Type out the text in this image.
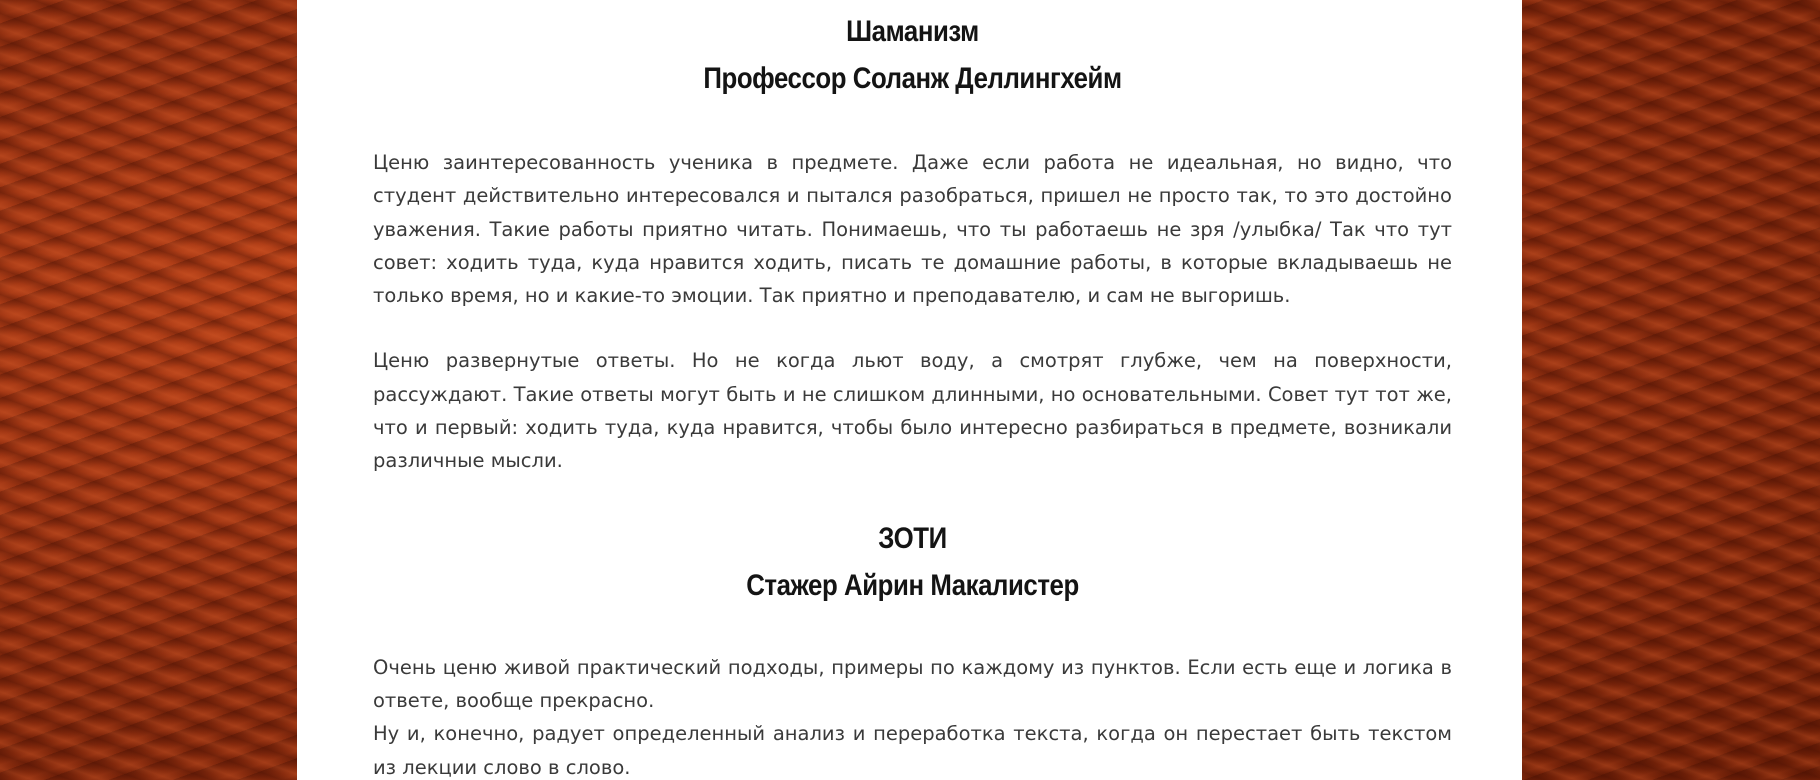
Шаманизм
Профессор Соланж Деллингхейм

Ценю заинтересованность ученика в предмете. Даже если работа не идеальная, но видно, что студент действительно интересовался и пытался разобраться, пришел не просто так, то это достойно уважения. Такие работы приятно читать. Понимаешь, что ты работаешь не зря /улыбка/ Так что тут совет: ходить туда, куда нравится ходить, писать те домашние работы, в которые вкладываешь не только время, но и какие-то эмоции. Так приятно и преподавателю, и сам не выгоришь.

Ценю развернутые ответы. Но не когда льют воду, а смотрят глубже, чем на поверхности, рассуждают. Такие ответы могут быть и не слишком длинными, но основательными. Совет тут тот же, что и первый: ходить туда, куда нравится, чтобы было интересно разбираться в предмете, возникали различные мысли.

ЗОТИ
Стажер Айрин Макалистер

Очень ценю живой практический подходы, примеры по каждому из пунктов. Если есть еще и логика в ответе, вообще прекрасно.

Ну и, конечно, радует определенный анализ и переработка текста, когда он перестает быть текстом из лекции слово в слово.
